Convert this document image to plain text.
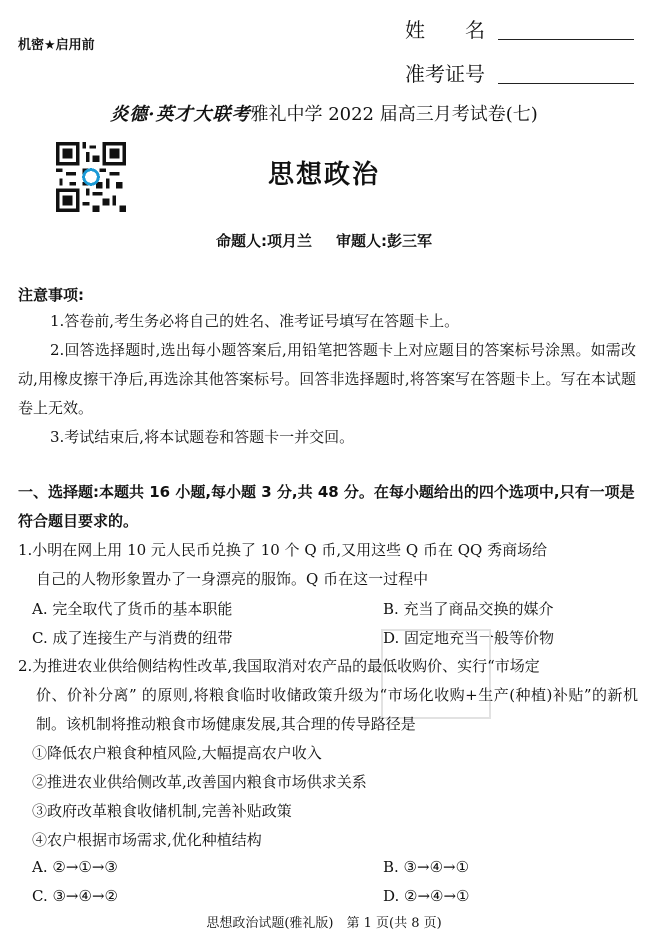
机密★启用前
姓　　名
准考证号
炎德·英才大联考雅礼中学 2022 届高三月考试卷(七)
思想政治
命题人:项月兰 审题人:彭三军
注意事项:
1.答卷前,考生务必将自己的姓名、准考证号填写在答题卡上。
2.回答选择题时,选出每小题答案后,用铅笔把答题卡上对应题目的答案标号涂黑。如需改动,用橡皮擦干净后,再选涂其他答案标号。回答非选择题时,将答案写在答题卡上。写在本试题卷上无效。
3.考试结束后,将本试题卷和答题卡一并交回。
一、选择题:本题共 16 小题,每小题 3 分,共 48 分。在每小题给出的四个选项中,只有一项是符合题目要求的。
1.小明在网上用 10 元人民币兑换了 10 个 Q 币,又用这些 Q 币在 QQ 秀商场给
自己的人物形象置办了一身漂亮的服饰。Q 币在这一过程中
A. 完全取代了货币的基本职能	B. 充当了商品交换的媒介
C. 成了连接生产与消费的纽带	D. 固定地充当一般等价物
2.为推进农业供给侧结构性改革,我国取消对农产品的最低收购价、实行“市场定
价、价补分离” 的原则,将粮食临时收储政策升级为“市场化收购+生产(种植)补贴”的新机制。该机制将推动粮食市场健康发展,其合理的传导路径是
①降低农户粮食种植风险,大幅提高农户收入
②推进农业供给侧改革,改善国内粮食市场供求关系
③政府改革粮食收储机制,完善补贴政策
④农户根据市场需求,优化种植结构
A. ②→①→③	B. ③→④→①
C. ③→④→②	D. ②→④→①
思想政治试题(雅礼版)　第 1 页(共 8 页)
